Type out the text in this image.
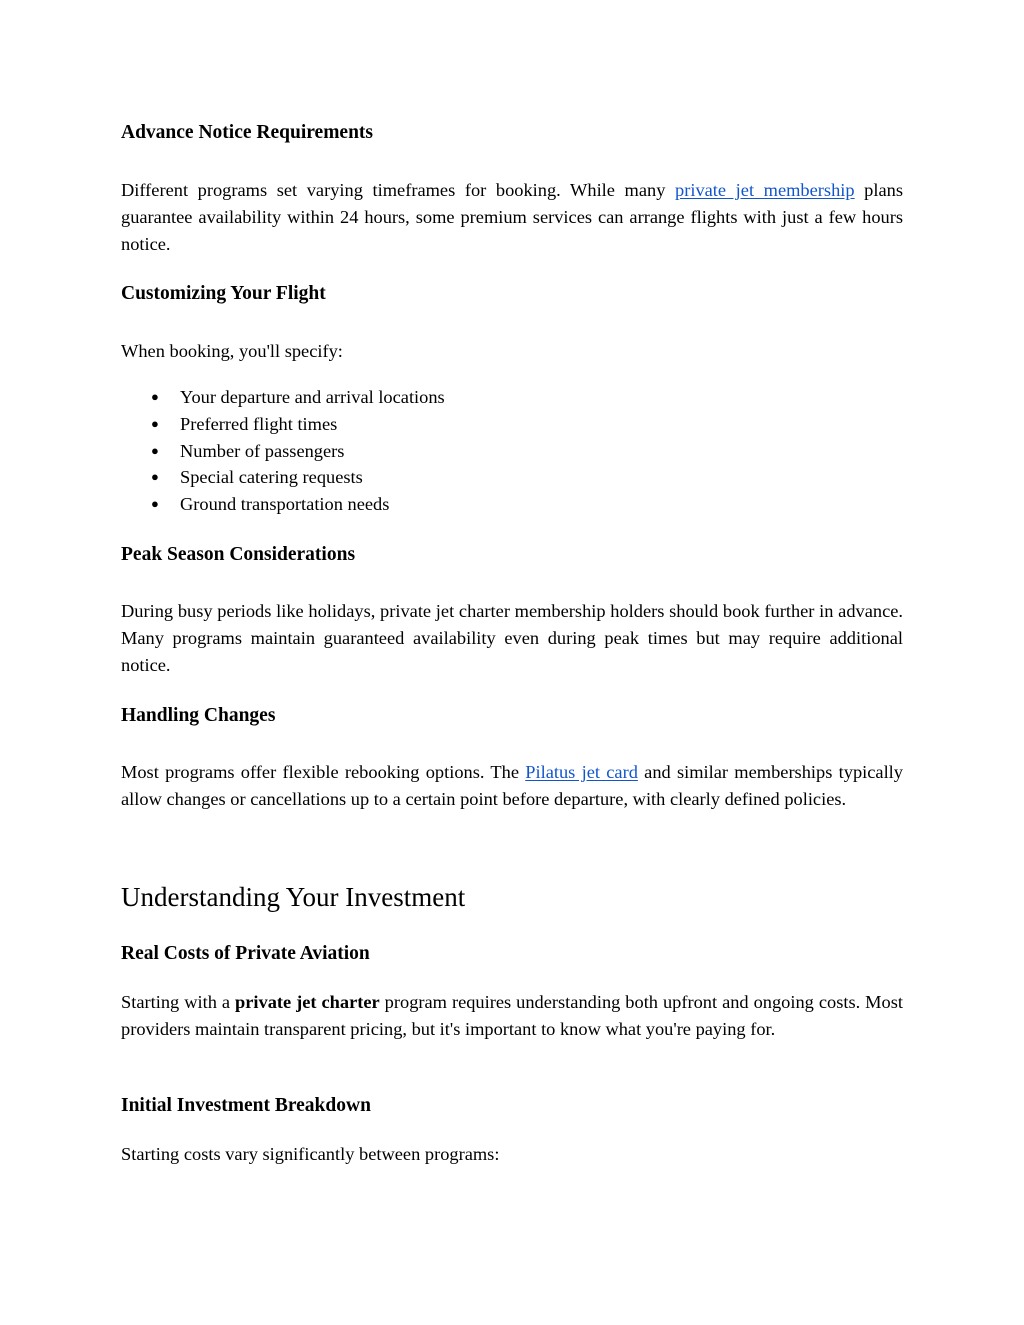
Advance Notice Requirements

Different programs set varying timeframes for booking. While many private jet membership plans guarantee availability within 24 hours, some premium services can arrange flights with just a few hours notice.

Customizing Your Flight

When booking, you'll specify:

● Your departure and arrival locations
● Preferred flight times
● Number of passengers
● Special catering requests
● Ground transportation needs
Peak Season Considerations

During busy periods like holidays, private jet charter membership holders should book further in advance. Many programs maintain guaranteed availability even during peak times but may require additional notice.

Handling Changes

Most programs offer flexible rebooking options. The Pilatus jet card and similar memberships typically allow changes or cancellations up to a certain point before departure, with clearly defined policies.

Understanding Your Investment
Real Costs of Private Aviation

Starting with a private jet charter program requires understanding both upfront and ongoing costs. Most providers maintain transparent pricing, but it's important to know what you're paying for.

Initial Investment Breakdown

Starting costs vary significantly between programs:
